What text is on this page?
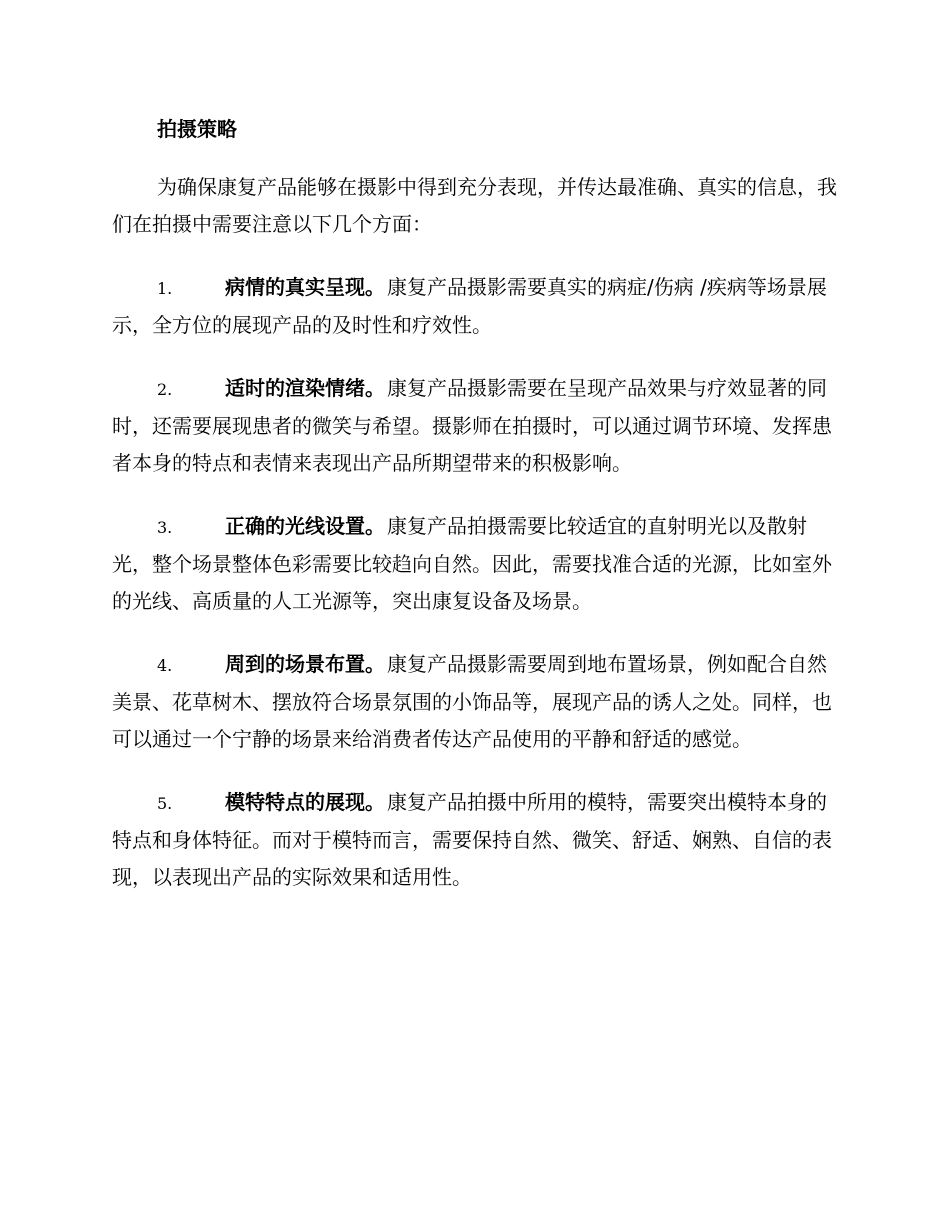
拍摄策略

为确保康复产品能够在摄影中得到充分表现，并传达最准确、真实的信息，我们在拍摄中需要注意以下几个方面：

1.	病情的真实呈现。 康复产品摄影需要真实的病症/伤病 /疾病等场景展示，全方位的展现产品的及时性和疗效性。

2.	适时的渲染情绪。 康复产品摄影需要在呈现产品效果与疗效显著的同时，还需要展现患者的微笑与希望。摄影师在拍摄时，可以通过调节环境、发挥患者本身的特点和表情来表现出产品所期望带来的积极影响。

3.	正确的光线设置。 康复产品拍摄需要比较适宜的直射明光以及散射光，整个场景整体色彩需要比较趋向自然。因此，需要找准合适的光源，比如室外的光线、高质量的人工光源等，突出康复设备及场景。

4.	周到的场景布置。 康复产品摄影需要周到地布置场景，例如配合自然美景、花草树木、摆放符合场景氛围的小饰品等，展现产品的诱人之处。同样，也可以通过一个宁静的场景来给消费者传达产品使用的平静和舒适的感觉。

5.	模特特点的展现。 康复产品拍摄中所用的模特，需要突出模特本身的特点和身体特征。而对于模特而言，需要保持自然、微笑、舒适、娴熟、自信的表现，以表现出产品的实际效果和适用性。
